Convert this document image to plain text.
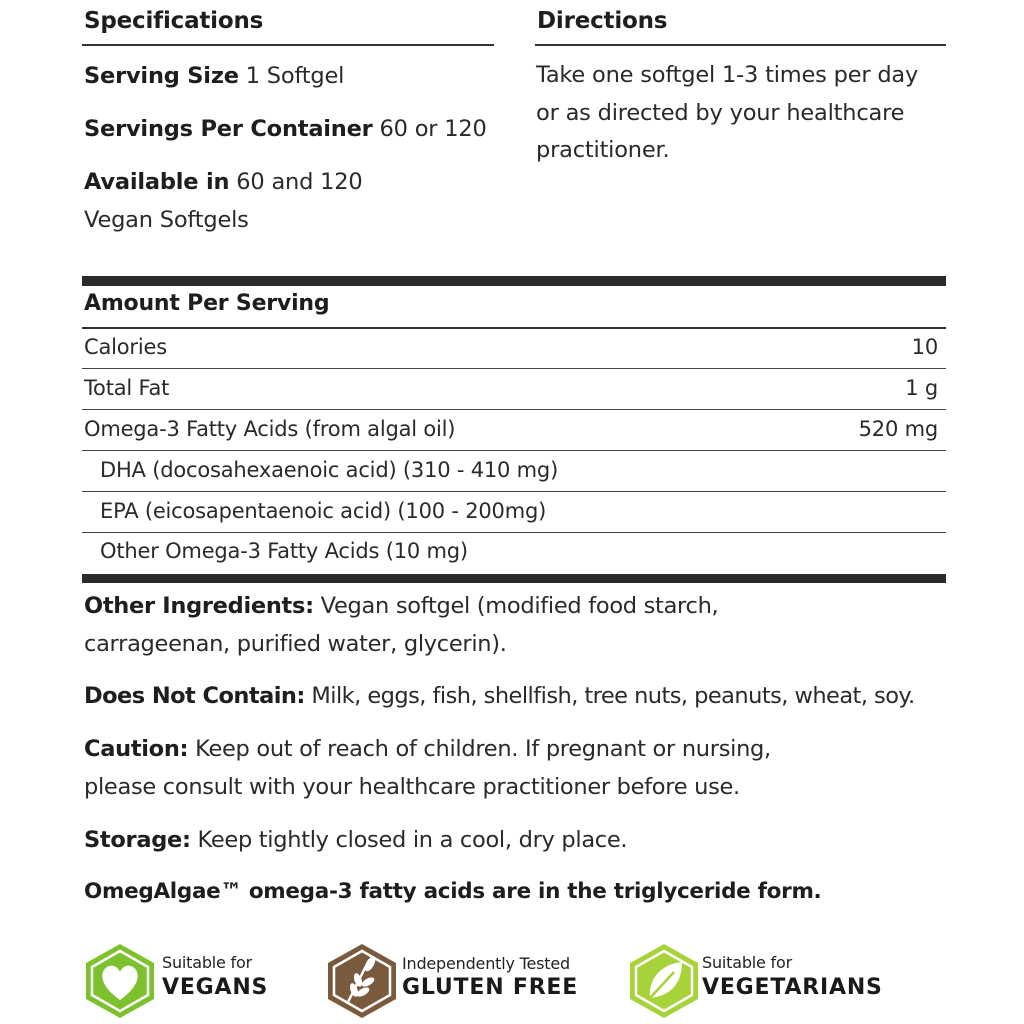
Specifications
Serving Size 1 Softgel
Servings Per Container 60 or 120
Available in 60 and 120
Vegan Softgels
Directions
Take one softgel 1-3 times per day or as directed by your healthcare practitioner.
Amount Per Serving
Calories	10
Total Fat	1 g
Omega-3 Fatty Acids (from algal oil)	520 mg
DHA (docosahexaenoic acid) (310 - 410 mg)
EPA (eicosapentaenoic acid) (100 - 200mg)
Other Omega-3 Fatty Acids (10 mg)
Other Ingredients: Vegan softgel (modified food starch,
carrageenan, purified water, glycerin).
Does Not Contain: Milk, eggs, fish, shellfish, tree nuts, peanuts, wheat, soy.
Caution: Keep out of reach of children. If pregnant or nursing,
please consult with your healthcare practitioner before use.
Storage: Keep tightly closed in a cool, dry place.
OmegAlgae™ omega-3 fatty acids are in the triglyceride form.
Suitable for
VEGANS
Independently Tested
GLUTEN FREE
Suitable for
VEGETARIANS
